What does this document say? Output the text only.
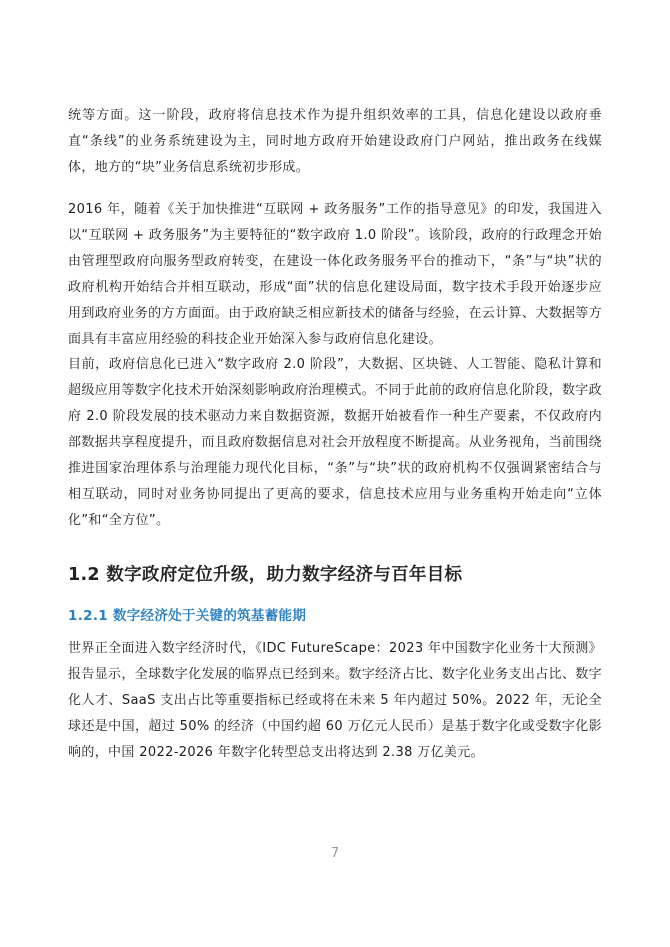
统等方面。这一阶段，政府将信息技术作为提升组织效率的工具，信息化建设以政府垂直“条线”的业务系统建设为主，同时地方政府开始建设政府门户网站，推出政务在线媒体，地方的“块”业务信息系统初步形成。

2016 年，随着《关于加快推进“互联网 + 政务服务”工作的指导意见》的印发，我国进入以“互联网 + 政务服务”为主要特征的“数字政府 1.0 阶段”。该阶段，政府的行政理念开始由管理型政府向服务型政府转变，在建设一体化政务服务平台的推动下，“条”与“块”状的政府机构开始结合并相互联动，形成“面”状的信息化建设局面，数字技术手段开始逐步应用到政府业务的方方面面。由于政府缺乏相应新技术的储备与经验，在云计算、大数据等方面具有丰富应用经验的科技企业开始深入参与政府信息化建设。

目前，政府信息化已进入“数字政府 2.0 阶段”，大数据、区块链、人工智能、隐私计算和超级应用等数字化技术开始深刻影响政府治理模式。不同于此前的政府信息化阶段，数字政府 2.0 阶段发展的技术驱动力来自数据资源，数据开始被看作一种生产要素，不仅政府内部数据共享程度提升，而且政府数据信息对社会开放程度不断提高。从业务视角，当前围绕推进国家治理体系与治理能力现代化目标，“条”与“块”状的政府机构不仅强调紧密结合与相互联动，同时对业务协同提出了更高的要求，信息技术应用与业务重构开始走向“立体化”和“全方位”。

1.2 数字政府定位升级，助力数字经济与百年目标
1.2.1 数字经济处于关键的筑基蓄能期

世界正全面进入数字经济时代，《IDC FutureScape：2023 年中国数字化业务十大预测》报告显示，全球数字化发展的临界点已经到来。数字经济占比、数字化业务支出占比、数字化人才、SaaS 支出占比等重要指标已经或将在未来 5 年内超过 50%。2022 年，无论全球还是中国，超过 50% 的经济（中国约超 60 万亿元人民币）是基于数字化或受数字化影响的，中国 2022-2026 年数字化转型总支出将达到 2.38 万亿美元。

7
